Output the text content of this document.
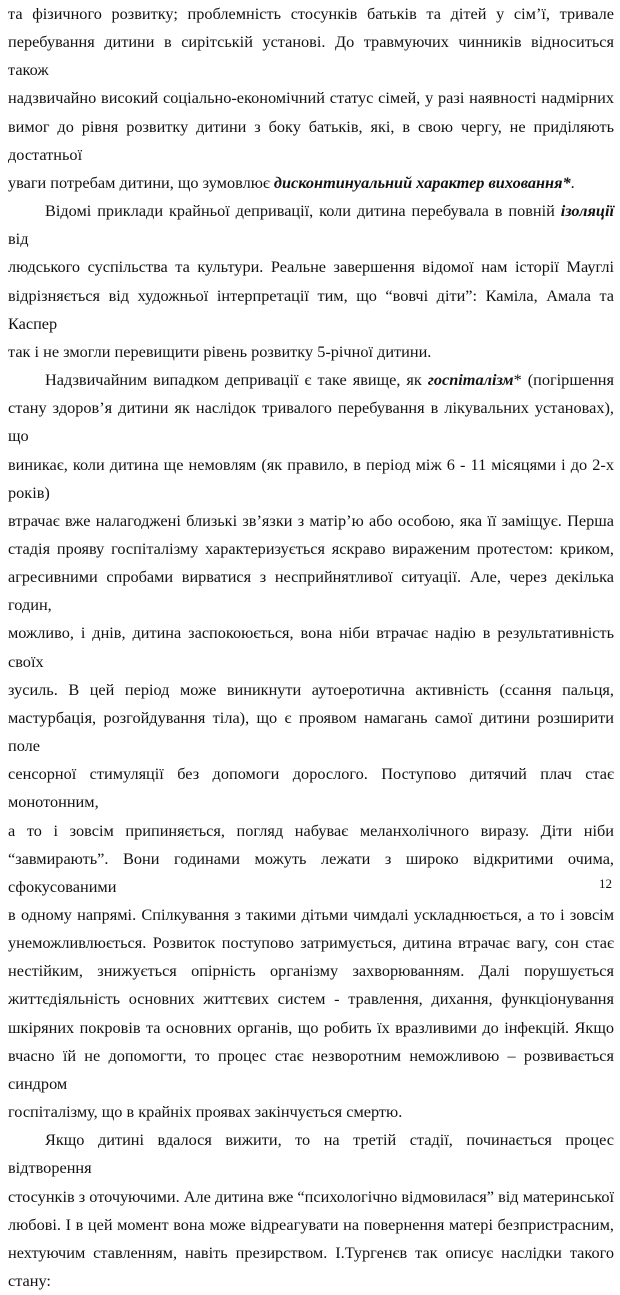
та фізичного розвитку; проблемність стосунків батьків та дітей у сім’ї, тривале
перебування дитини в сирітській установі. До травмуючих чинників відноситься також
надзвичайно високий соціально-економічний статус сімей, у разі наявності надмірних
вимог до рівня розвитку дитини з боку батьків, які, в свою чергу, не приділяють достатньої
уваги потребам дитини, що зумовлює дисконтинуальний характер виховання*.

Відомі приклади крайньої депривації, коли дитина перебувала в повній ізоляції від
людського суспільства та культури. Реальне завершення відомої нам історії Мауглі
відрізняється від художньої інтерпретації тим, що “вовчі діти”: Каміла, Амала та Каспер
так і не змогли перевищити рівень розвитку 5-річної дитини.

Надзвичайним випадком депривації є таке явище, як госпіталізм* (погіршення
стану здоров’я дитини як наслідок тривалого перебування в лікувальних установах), що
виникає, коли дитина ще немовлям (як правило, в період між 6 - 11 місяцями і до 2-х років)
втрачає вже налагоджені близькі зв’язки з матір’ю або особою, яка її заміщує. Перша
стадія прояву госпіталізму характеризується яскраво вираженим протестом: криком,
агресивними спробами вирватися з несприйнятливої ситуації. Але, через декілька годин,
можливо, і днів, дитина заспокоюється, вона ніби втрачає надію в результативність своїх
зусиль. В цей період може виникнути аутоеротична активність (ссання пальця,
мастурбація, розгойдування тіла), що є проявом намагань самої дитини розширити поле
сенсорної стимуляції без допомоги дорослого. Поступово дитячий плач стає монотонним,
а то і зовсім припиняється, погляд набуває меланхолічного виразу. Діти ніби
“завмирають”. Вони годинами можуть лежати з широко відкритими очима, сфокусованими
в одному напрямі. Спілкування з такими дітьми чимдалі ускладнюється, а то і зовсім
унеможливлюється. Розвиток поступово затримується, дитина втрачає вагу, сон стає
нестійким, знижується опірність організму захворюванням. Далі порушується
життєдіяльність основних життєвих систем - травлення, дихання, функціонування
шкіряних покровів та основних органів, що робить їх вразливими до інфекцій. Якщо
вчасно їй не допомогти, то процес стає незворотним неможливою – розвивається синдром
госпіталізму, що в крайніх проявах закінчується смертю.

Якщо дитині вдалося вижити, то на третій стадії, починається процес відтворення
стосунків з оточуючими. Але дитина вже “психологічно відмовилася” від материнської
любові. І в цей момент вона може відреагувати на повернення матері безпристрасним,
нехтуючим ставленням, навіть презирством. І.Тургенєв так описує наслідки такого стану:

12
